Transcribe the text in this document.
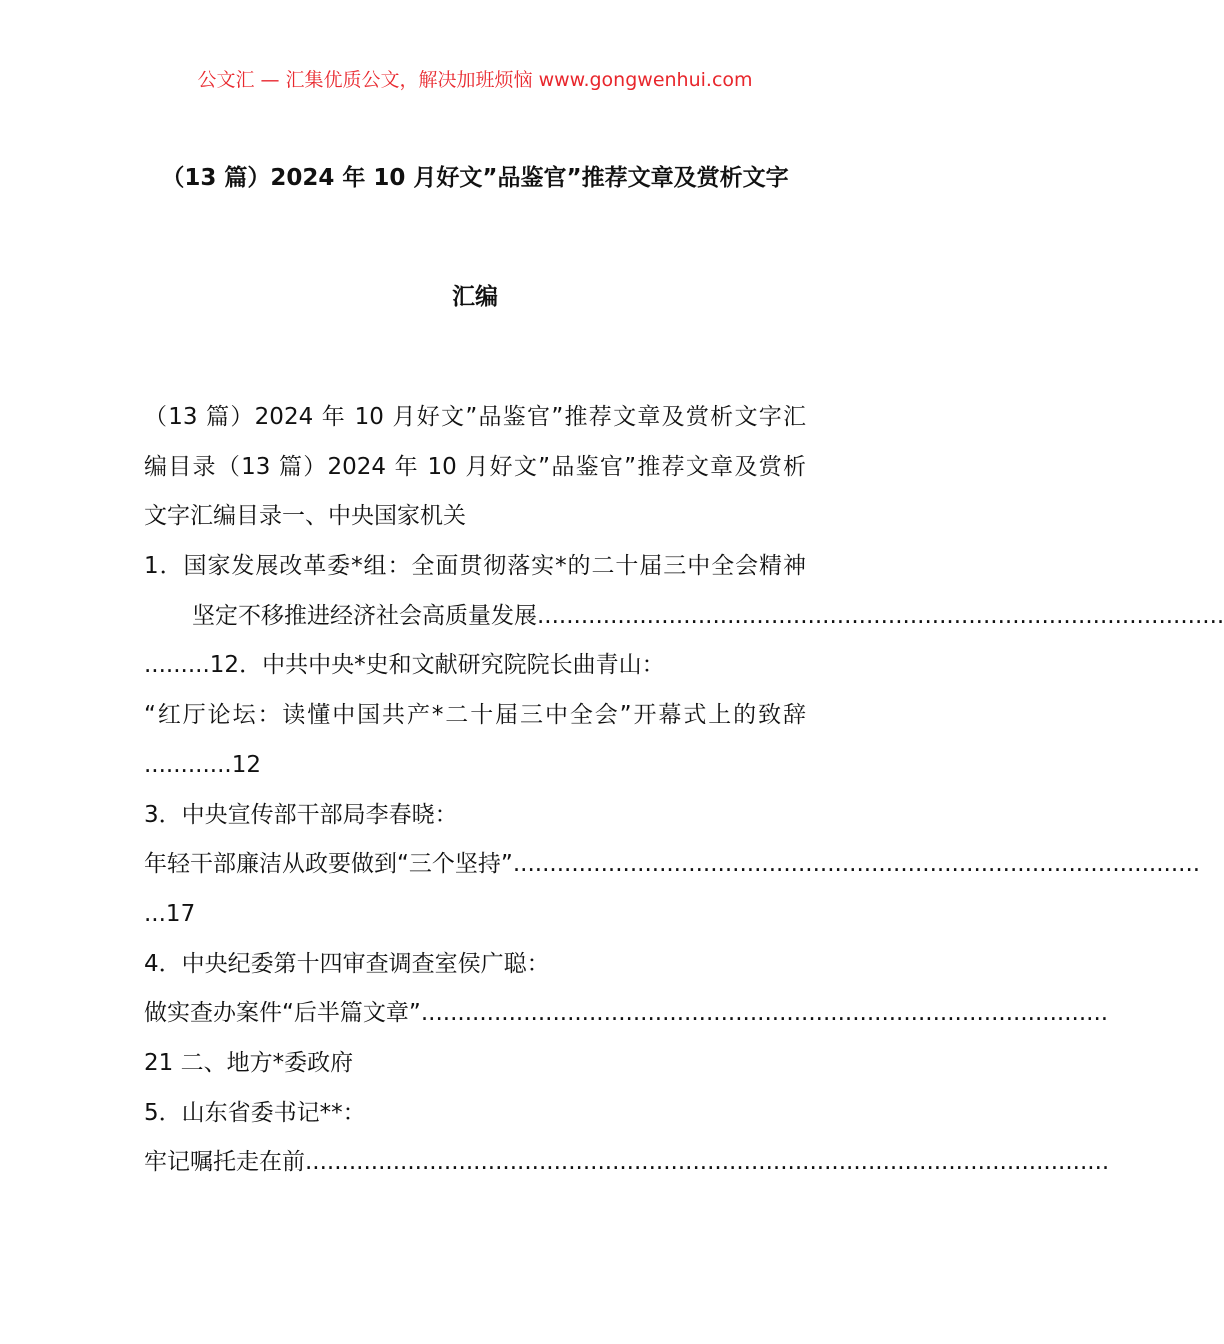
公文汇 — 汇集优质公文，解决加班烦恼 www.gongwenhui.com
（13 篇）2024 年 10 月好文”品鉴官”推荐文章及赏析文字
汇编
（13 篇）2024 年 10 月好文”品鉴官”推荐文章及赏析文字汇
编目录（13 篇）2024 年 10 月好文”品鉴官”推荐文章及赏析
文字汇编目录一、中央国家机关
1．国家发展改革委*组：全面贯彻落实*的二十届三中全会精神
坚定不移推进经济社会高质量发展 ..............................................................................................
.........12．中共中央*史和文献研究院院长曲青山：
“红厅论坛：读懂中国共产*二十届三中全会”开幕式上的致辞
............12
3．中央宣传部干部局李春晓：
年轻干部廉洁从政要做到“三个坚持” ..............................................................................................
...17
4．中央纪委第十四审查调查室侯广聪：
做实查办案件“后半篇文章” ..............................................................................................
21 二、地方*委政府
5．山东省委书记**：
牢记嘱托走在前 ..............................................................................................................
